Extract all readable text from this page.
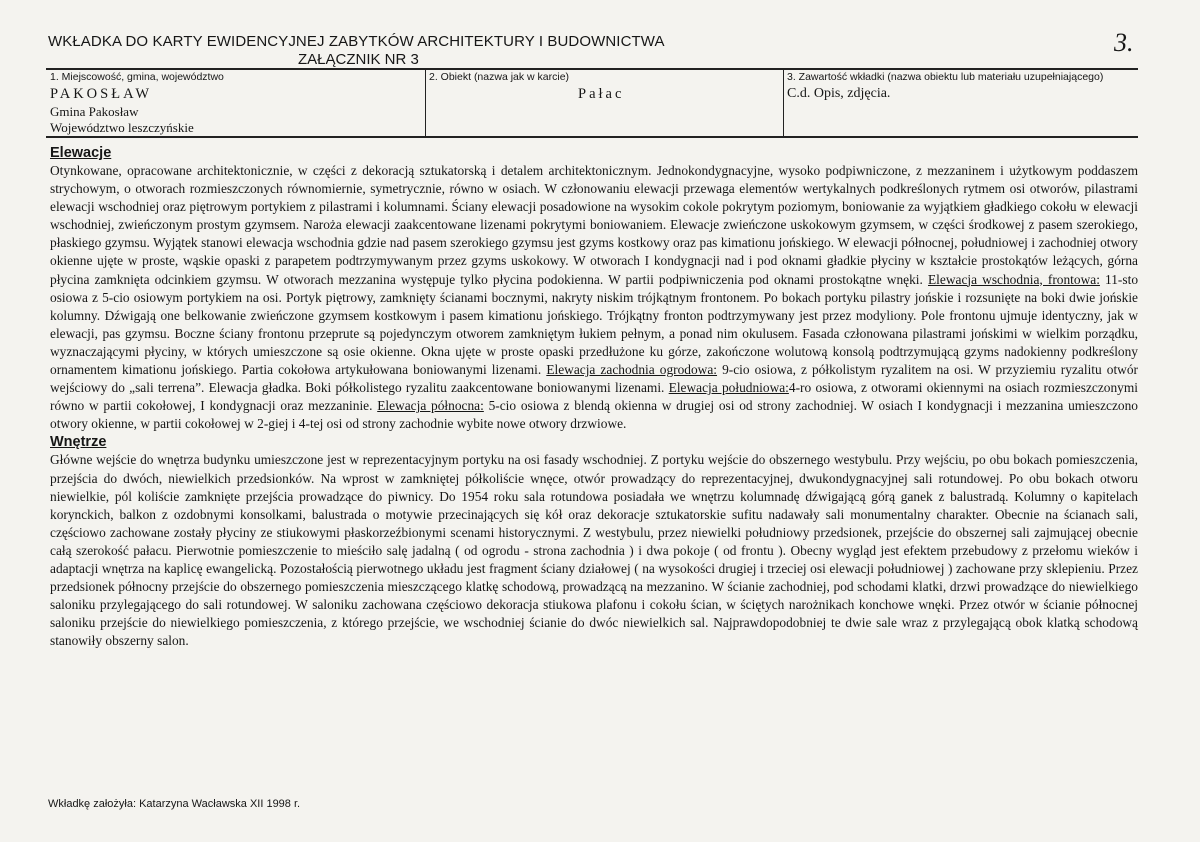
WKŁADKA DO KARTY EWIDENCYJNEJ ZABYTKÓW ARCHITEKTURY I BUDOWNICTWA
ZAŁĄCZNIK NR 3
3.
1. Miejscowość, gmina, województwo
PAKOSŁAW
Gmina Pakosław
Województwo leszczyńskie
2. Obiekt (nazwa jak w karcie)
Pałac
3. Zawartość wkładki (nazwa obiektu lub materiału uzupełniającego)
C.d. Opis, zdjęcia.
Elewacje

Otynkowane, opracowane architektonicznie, w części z dekoracją sztukatorską i detalem architektonicznym. Jednokondygnacyjne, wysoko podpiwniczone, z mezzaninem i użytkowym poddaszem strychowym, o otworach rozmieszczonych równomiernie, symetrycznie, równo w osiach. W członowaniu elewacji przewaga elementów wertykalnych podkreślonych rytmem osi otworów, pilastrami elewacji wschodniej oraz piętrowym portykiem z pilastrami i kolumnami. Ściany elewacji posadowione na wysokim cokole pokrytym poziomym, boniowanie za wyjątkiem gładkiego cokołu w elewacji wschodniej, zwieńczonym prostym gzymsem. Naroża elewacji zaakcentowane lizenami pokrytymi boniowaniem. Elewacje zwieńczone uskokowym gzymsem, w części środkowej z pasem szerokiego, płaskiego gzymsu. Wyjątek stanowi elewacja wschodnia gdzie nad pasem szerokiego gzymsu jest gzyms kostkowy oraz pas kimationu jońskiego. W elewacji północnej, południowej i zachodniej otwory okienne ujęte w proste, wąskie opaski z parapetem podtrzymywanym przez gzyms uskokowy. W otworach I kondygnacji nad i pod oknami gładkie płyciny w kształcie prostokątów leżących, górna płycina zamknięta odcinkiem gzymsu. W otworach mezzanina występuje tylko płycina podokienna. W partii podpiwniczenia pod oknami prostokątne wnęki. Elewacja wschodnia, frontowa: 11-sto osiowa z 5-cio osiowym portykiem na osi. Portyk piętrowy, zamknięty ścianami bocznymi, nakryty niskim trójkątnym frontonem. Po bokach portyku pilastry jońskie i rozsunięte na boki dwie jońskie kolumny. Dźwigają one belkowanie zwieńczone gzymsem kostkowym i pasem kimationu jońskiego. Trójkątny fronton podtrzymywany jest przez modyliony. Pole frontonu ujmuje identyczny, jak w elewacji, pas gzymsu. Boczne ściany frontonu przeprute są pojedynczym otworem zamkniętym łukiem pełnym, a ponad nim okulusem. Fasada członowana pilastrami jońskimi w wielkim porządku, wyznaczającymi płyciny, w których umieszczone są osie okienne. Okna ujęte w proste opaski przedłużone ku górze, zakończone wolutową konsolą podtrzymującą gzyms nadokienny podkreślony ornamentem kimationu jońskiego. Partia cokołowa artykułowana boniowanymi lizenami. Elewacja zachodnia ogrodowa: 9-cio osiowa, z półkolistym ryzalitem na osi. W przyziemiu ryzalitu otwór wejściowy do „sali terrena”. Elewacja gładka. Boki półkolistego ryzalitu zaakcentowane boniowanymi lizenami. Elewacja południowa:4-ro osiowa, z otworami okiennymi na osiach rozmieszczonymi równo w partii cokołowej, I kondygnacji oraz mezzaninie. Elewacja północna: 5-cio osiowa z blendą okienna w drugiej osi od strony zachodniej. W osiach I kondygnacji i mezzanina umieszczono otwory okienne, w partii cokołowej w 2-giej i 4-tej osi od strony zachodnie wybite nowe otwory drzwiowe.

Wnętrze

Główne wejście do wnętrza budynku umieszczone jest w reprezentacyjnym portyku na osi fasady wschodniej. Z portyku wejście do obszernego westybulu. Przy wejściu, po obu bokach pomieszczenia, przejścia do dwóch, niewielkich przedsionków. Na wprost w zamkniętej półkoliście wnęce, otwór prowadzący do reprezentacyjnej, dwukondygnacyjnej sali rotundowej. Po obu bokach otworu niewielkie, pól koliście zamknięte przejścia prowadzące do piwnicy. Do 1954 roku sala rotundowa posiadała we wnętrzu kolumnadę dźwigającą górą ganek z balustradą. Kolumny o kapitelach korynckich, balkon z ozdobnymi konsolkami, balustrada o motywie przecinających się kół oraz dekoracje sztukatorskie sufitu nadawały sali monumentalny charakter. Obecnie na ścianach sali, częściowo zachowane zostały płyciny ze stiukowymi płaskorzeźbionymi scenami historycznymi. Z westybulu, przez niewielki południowy przedsionek, przejście do obszernej sali zajmującej obecnie całą szerokość pałacu. Pierwotnie pomieszczenie to mieściło salę jadalną ( od ogrodu - strona zachodnia ) i dwa pokoje ( od frontu ). Obecny wygląd jest efektem przebudowy z przełomu wieków i adaptacji wnętrza na kaplicę ewangelicką. Pozostałością pierwotnego układu jest fragment ściany działowej ( na wysokości drugiej i trzeciej osi elewacji południowej ) zachowane przy sklepieniu. Przez przedsionek północny przejście do obszernego pomieszczenia mieszczącego klatkę schodową, prowadzącą na mezzanino. W ścianie zachodniej, pod schodami klatki, drzwi prowadzące do niewielkiego saloniku przylegającego do sali rotundowej. W saloniku zachowana częściowo dekoracja stiukowa plafonu i cokołu ścian, w ściętych narożnikach konchowe wnęki. Przez otwór w ścianie północnej saloniku przejście do niewielkiego pomieszczenia, z którego przejście, we wschodniej ścianie do dwóc niewielkich sal. Najprawdopodobniej te dwie sale wraz z przylegającą obok klatką schodową stanowiły obszerny salon.

Wkładkę założyła: Katarzyna Wacławska XII 1998 r.
